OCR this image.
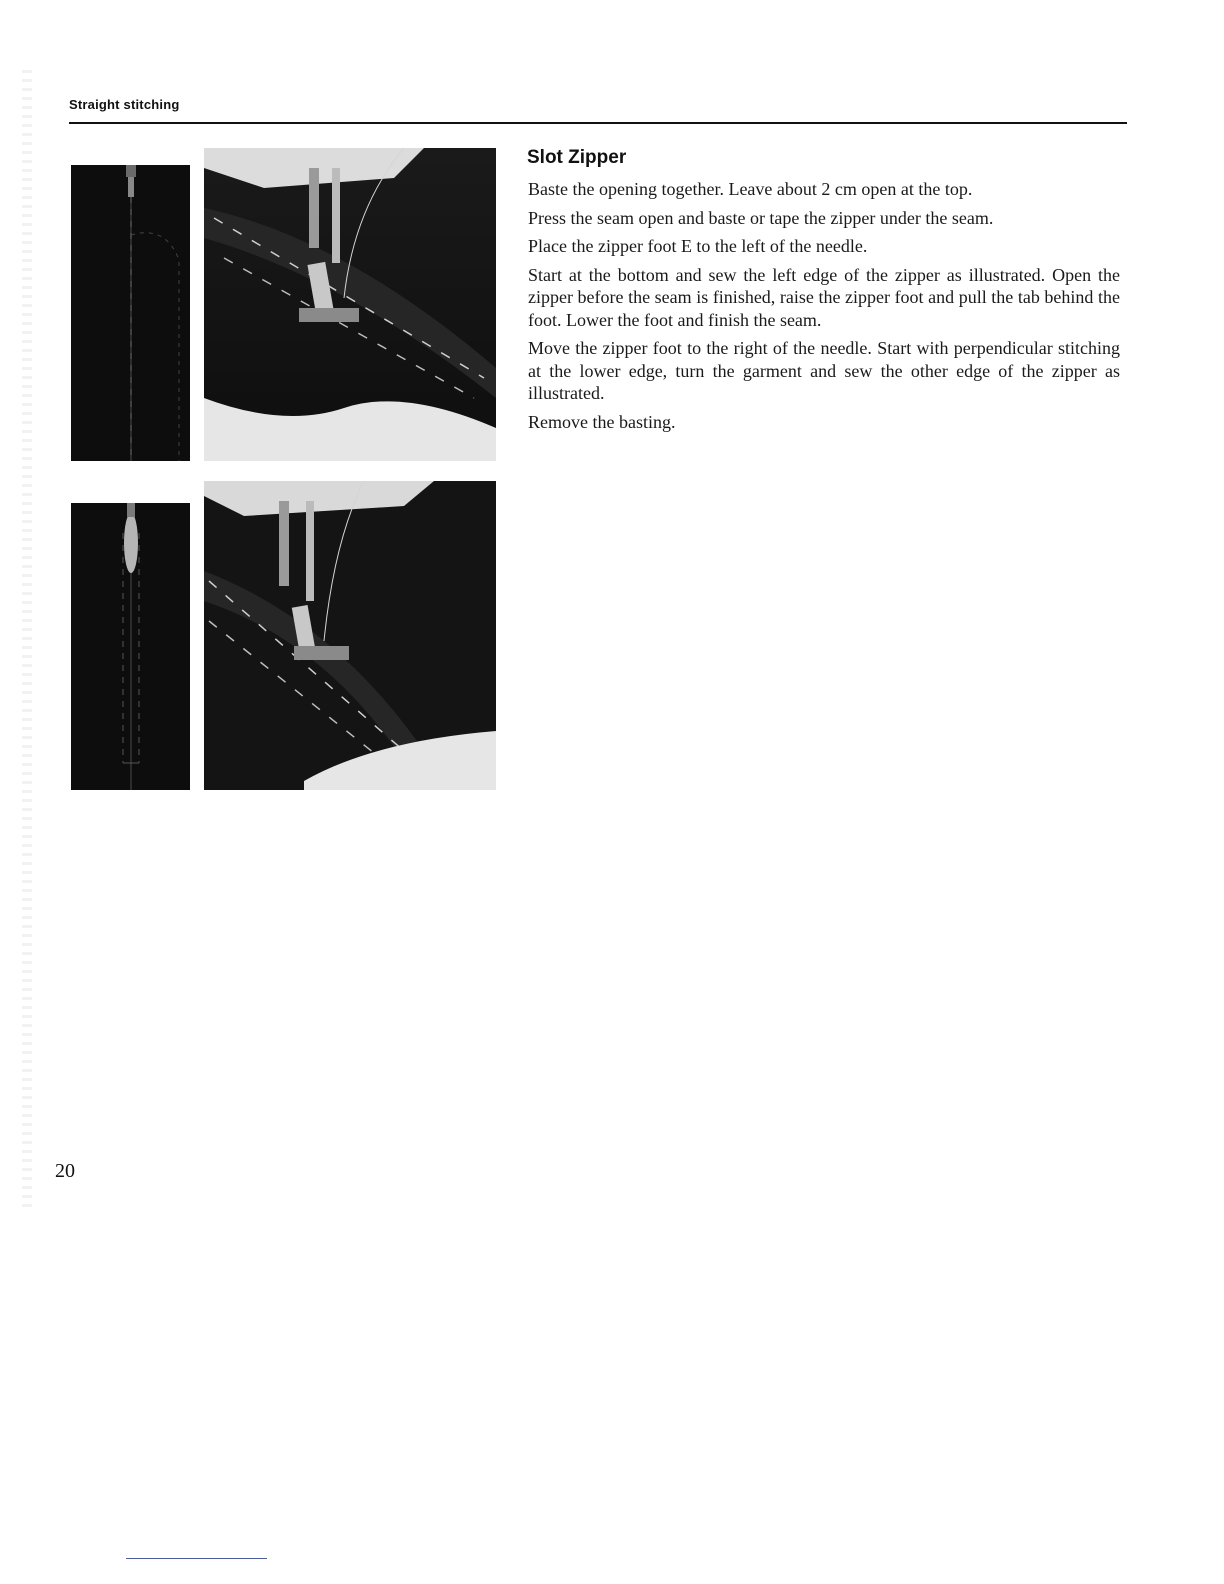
Straight stitching
Slot Zipper

Baste the opening together. Leave about 2 cm open at the top.

Press the seam open and baste or tape the zipper under the seam.

Place the zipper foot E to the left of the needle.

Start at the bottom and sew the left edge of the zipper as illustrated. Open the zipper before the seam is finished, raise the zipper foot and pull the tab behind the foot. Lower the foot and finish the seam.

Move the zipper foot to the right of the needle. Start with perpendicular stitching at the lower edge, turn the garment and sew the other edge of the zipper as illustrated.

Remove the basting.

20
